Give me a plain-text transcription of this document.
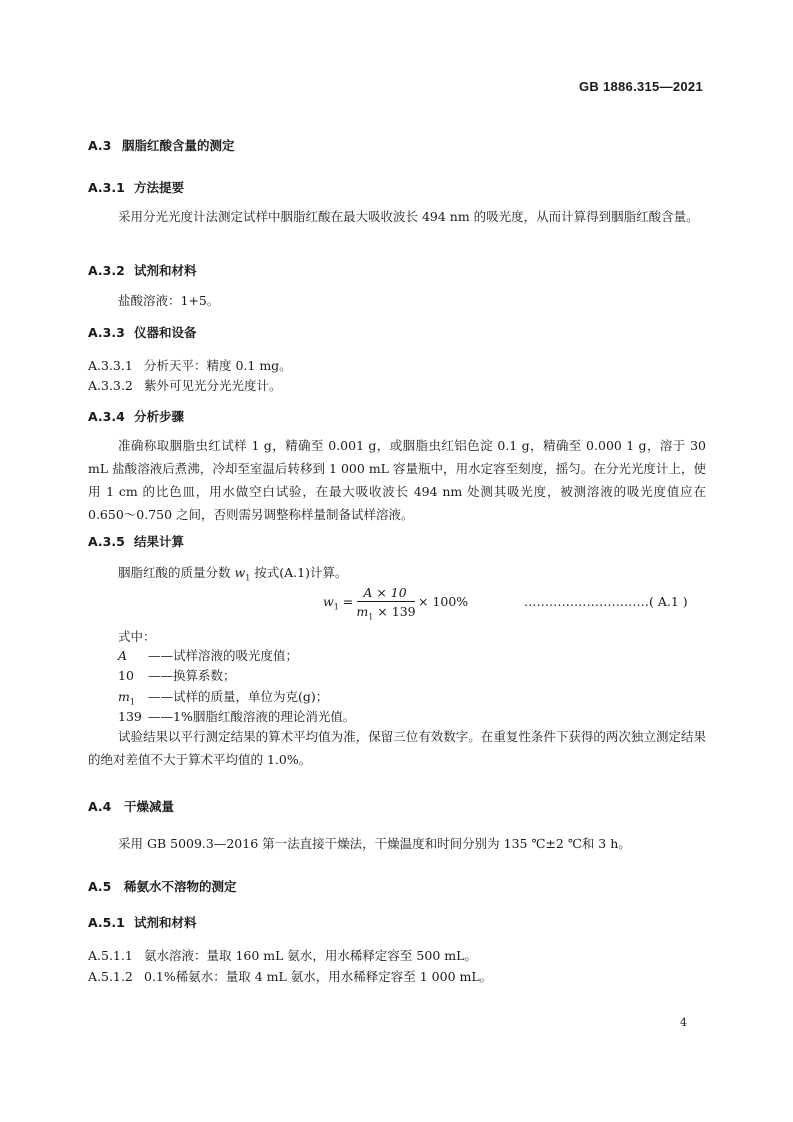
GB 1886.315—2021
A.3 胭脂红酸含量的测定
A.3.1 方法提要
采用分光光度计法测定试样中胭脂红酸在最大吸收波长 494 nm 的吸光度，从而计算得到胭脂红酸含量。
A.3.2 试剂和材料
盐酸溶液：1+5。
A.3.3 仪器和设备
A.3.3.1 分析天平：精度 0.1 mg。
A.3.3.2 紫外可见光分光光度计。
A.3.4 分析步骤
准确称取胭脂虫红试样 1 g，精确至 0.001 g，或胭脂虫红铝色淀 0.1 g，精确至 0.000 1 g，溶于 30 mL 盐酸溶液后煮沸，冷却至室温后转移到 1 000 mL 容量瓶中，用水定容至刻度，摇匀。在分光光度计上，使用 1 cm 的比色皿，用水做空白试验，在最大吸收波长 494 nm 处测其吸光度，被测溶液的吸光度值应在 0.650～0.750 之间，否则需另调整称样量制备试样溶液。
A.3.5 结果计算
胭脂红酸的质量分数 $w_1$ 按式(A.1)计算。
$w_1$ =
A × 10
$m_1 \times 139$
× 100%	…………………………( A.1 )
式中：
A ——试样溶液的吸光度值；
10 ——换算系数；
$m_1$ ——试样的质量，单位为克(g)；
139 ——1%胭脂红酸溶液的理论消光值。
试验结果以平行测定结果的算术平均值为准，保留三位有效数字。在重复性条件下获得的两次独立测定结果的绝对差值不大于算术平均值的 1.0%。
A.4 干燥减量
采用 GB 5009.3—2016 第一法直接干燥法，干燥温度和时间分别为 135 ℃±2 ℃和 3 h。
A.5 稀氨水不溶物的测定
A.5.1 试剂和材料
A.5.1.1 氨水溶液：量取 160 mL 氨水，用水稀释定容至 500 mL。
A.5.1.2 0.1%稀氨水：量取 4 mL 氨水，用水稀释定容至 1 000 mL。
4
